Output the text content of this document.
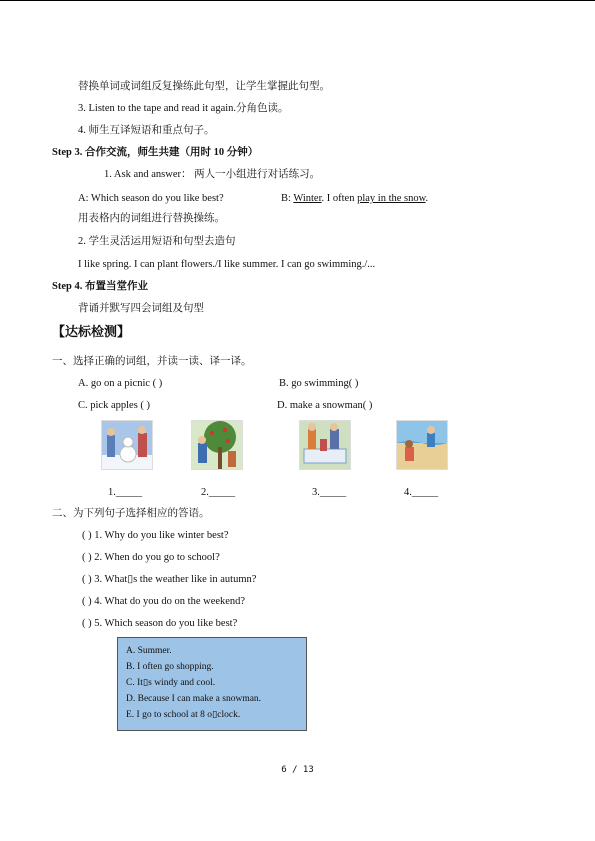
替换单词或词组反复操练此句型，让学生掌握此句型。
3. Listen to the tape and read it again.分角色读。
4. 师生互译短语和重点句子。
Step 3. 合作交流，师生共建（用时 10 分钟）
1. Ask and answer： 两人一小组进行对话练习。
A: Which season do you like best?	B: Winter. I often play in the snow.
用表格内的词组进行替换操练。
2. 学生灵活运用短语和句型去造句
I like spring. I can plant flowers./I like summer. I can go swimming./...
Step 4. 布置当堂作业
背诵并默写四会词组及句型
【达标检测】
一、选择正确的词组，并读一读、译一译。
A. go on a picnic ( )	B. go swimming( )
C. pick apples ( )	D. make a snowman( )
1._____	2._____	3._____	4._____
二、为下列句子选择相应的答语。
( ) 1. Why do you like winter best?
( ) 2. When do you go to school?
( ) 3. What▯s the weather like in autumn?
( ) 4. What do you do on the weekend?
( ) 5. Which season do you like best?
A. Summer.
B. I often go shopping.
C. It▯s windy and cool.
D. Because I can make a snowman.
E. I go to school at 8 o▯clock.
6 / 13
